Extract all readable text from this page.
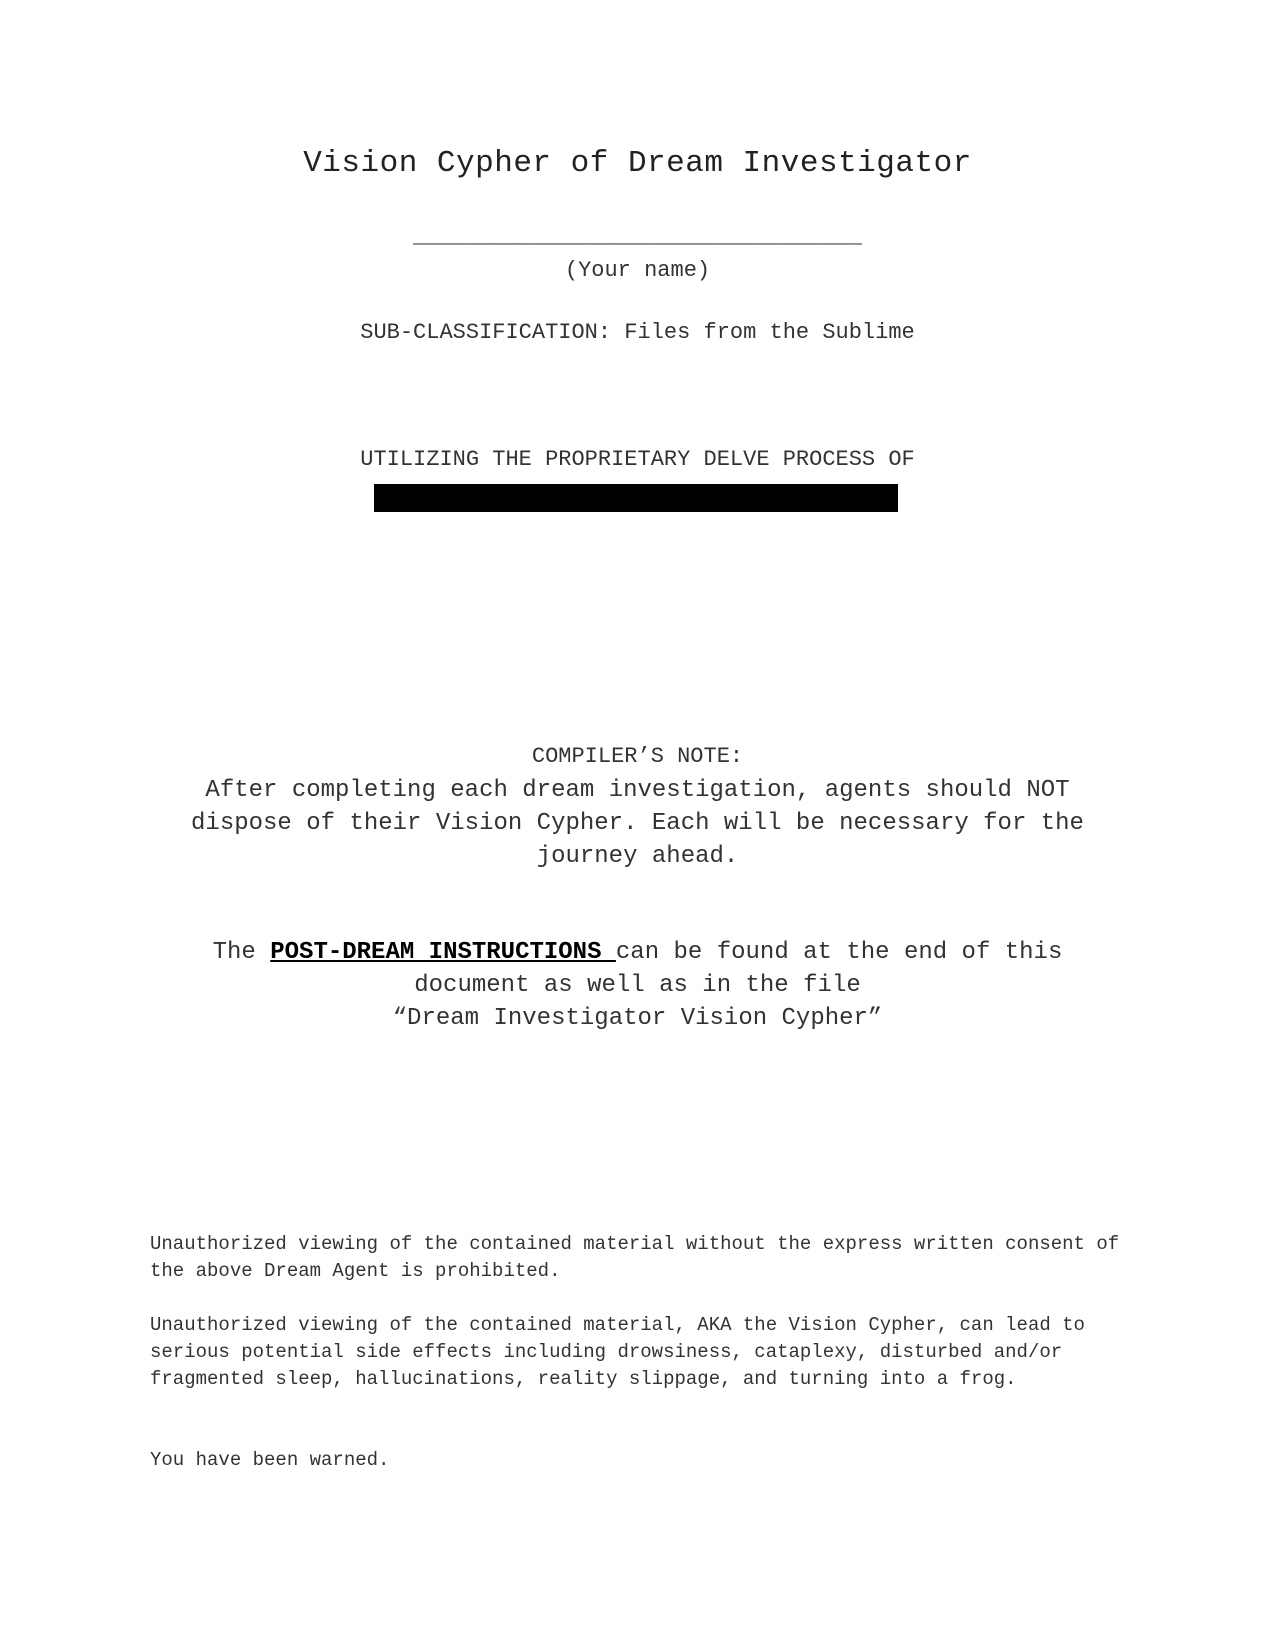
Vision Cypher of Dream Investigator
__________________________________
(Your name)
SUB-CLASSIFICATION: Files from the Sublime
UTILIZING THE PROPRIETARY DELVE PROCESS OF
COMPILER’S NOTE:
After completing each dream investigation, agents should NOT dispose of their Vision Cypher. Each will be necessary for the journey ahead.
The POST-DREAM INSTRUCTIONS can be found at the end of this document as well as in the file
“Dream Investigator Vision Cypher”
Unauthorized viewing of the contained material without the express written consent of the above Dream Agent is prohibited.
Unauthorized viewing of the contained material, AKA the Vision Cypher, can lead to serious potential side effects including drowsiness, cataplexy, disturbed and/or fragmented sleep, hallucinations, reality slippage, and turning into a frog.
You have been warned.
